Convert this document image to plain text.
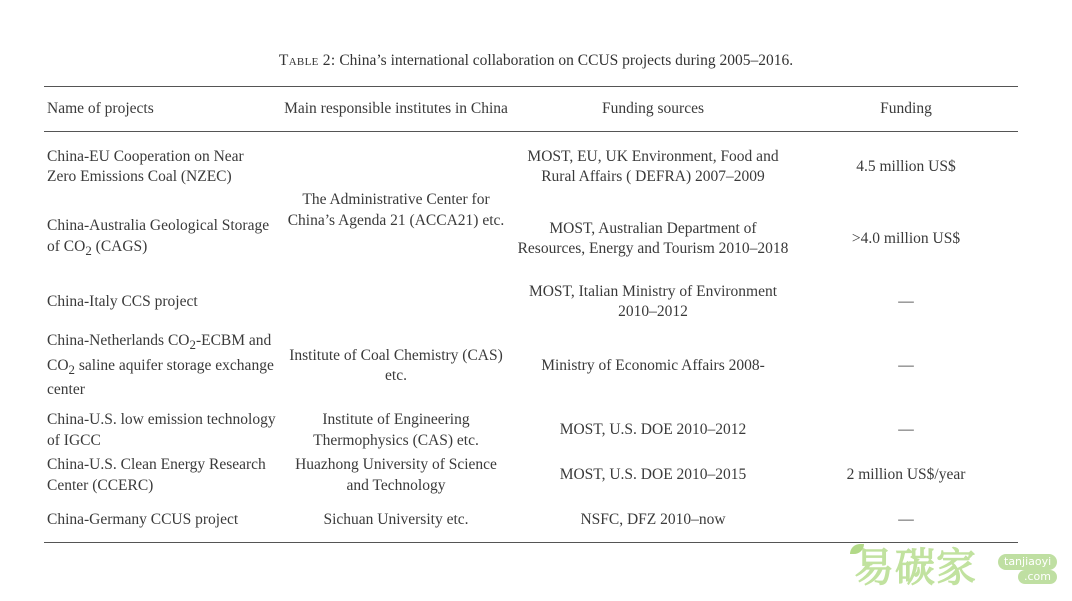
Table 2: China’s international collaboration on CCUS projects during 2005–2016.
Name of projects	Main responsible institutes in China	Funding sources	Funding
China-EU Cooperation on Near Zero Emissions Coal (NZEC)	The Administrative Center for China’s Agenda 21 (ACCA21) etc.	MOST, EU, UK Environment, Food and Rural Affairs ( DEFRA) 2007–2009	4.5 million US$
China-Australia Geological Storage of $CO_2$ (CAGS)		MOST, Australian Department of Resources, Energy and Tourism 2010–2018	>4.0 million US$
China-Italy CCS project		MOST, Italian Ministry of Environment 2010–2012	—
China-Netherlands $CO_2$-ECBM and $CO_2$ saline aquifer storage exchange center	Institute of Coal Chemistry (CAS) etc.	Ministry of Economic Affairs 2008-	—
China-U.S. low emission technology of IGCC	Institute of Engineering Thermophysics (CAS) etc.	MOST, U.S. DOE 2010–2012	—
China-U.S. Clean Energy Research Center (CCERC)	Huazhong University of Science and Technology	MOST, U.S. DOE 2010–2015	2 million US$/year
China-Germany CCUS project	Sichuan University etc.	NSFC, DFZ 2010–now	—
易碳家	tanjiaoyi
.com
